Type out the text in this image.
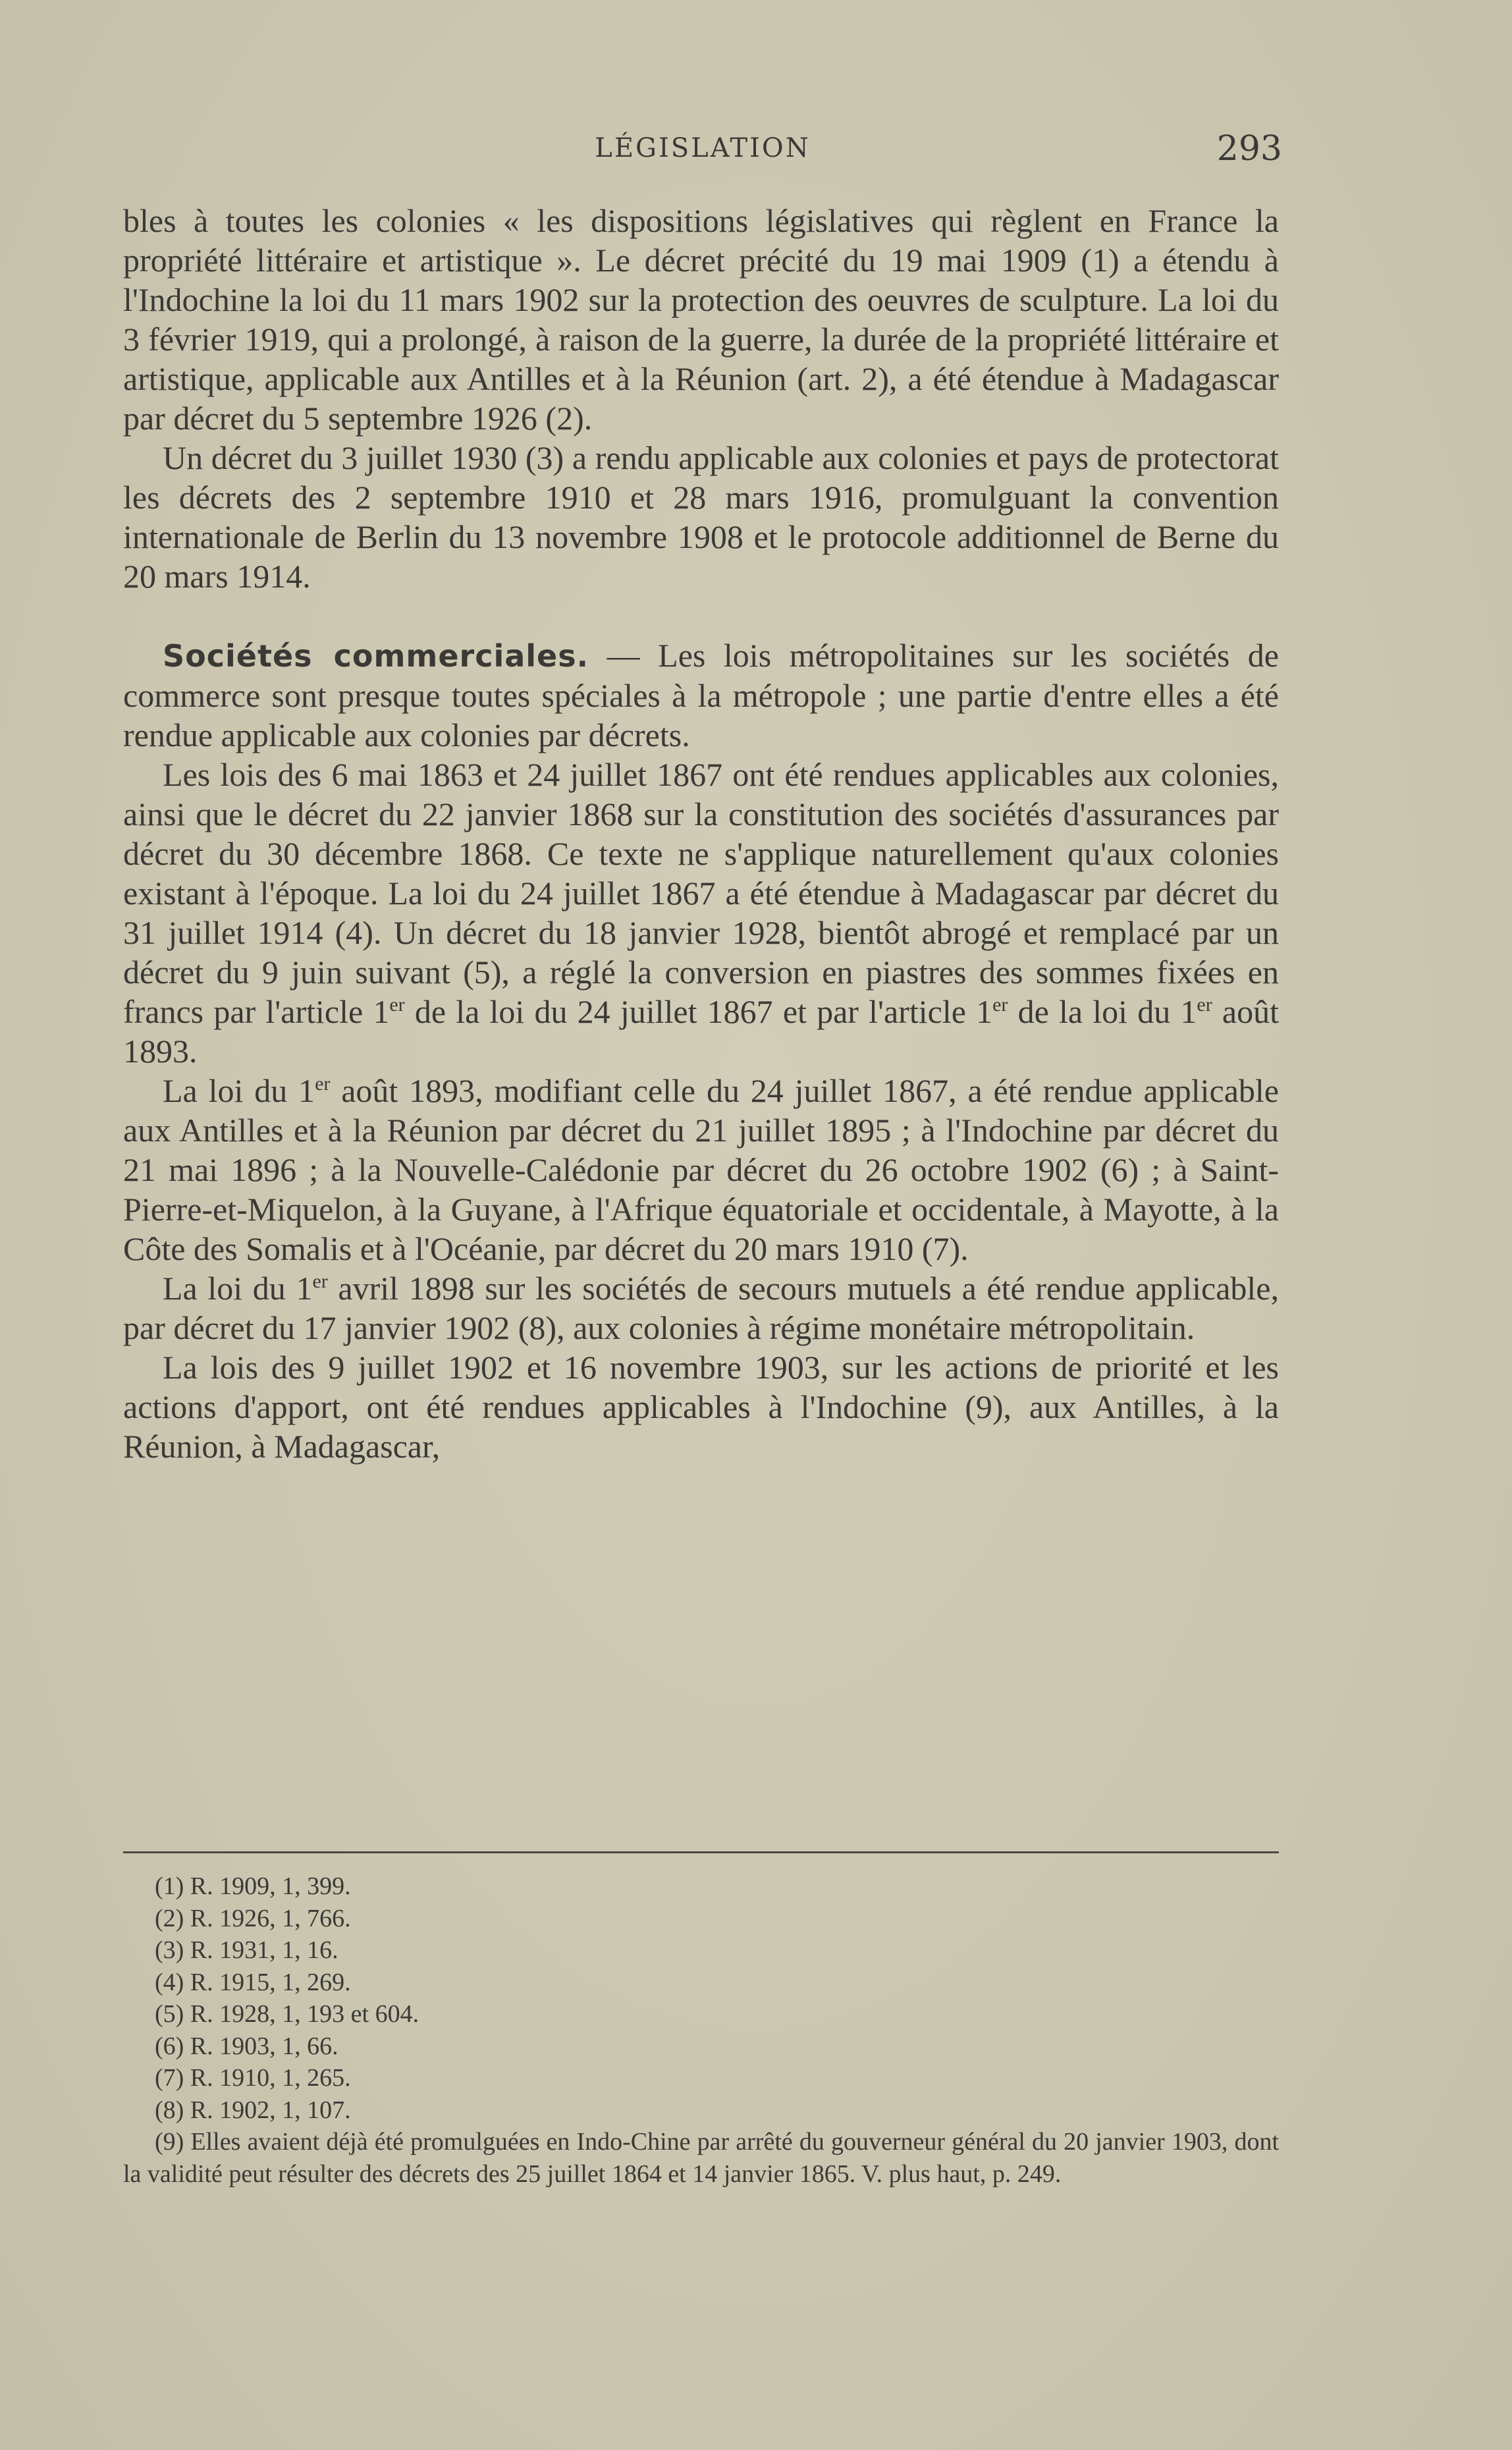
LÉGISLATION	293

bles à toutes les colonies « les dispositions législatives qui règlent en France la propriété littéraire et artistique ». Le décret précité du 19 mai 1909 (1) a étendu à l'Indochine la loi du 11 mars 1902 sur la protection des oeuvres de sculpture. La loi du 3 février 1919, qui a prolongé, à raison de la guerre, la durée de la propriété littéraire et artistique, applicable aux Antilles et à la Réunion (art. 2), a été étendue à Madagascar par décret du 5 septembre 1926 (2).

Un décret du 3 juillet 1930 (3) a rendu applicable aux colonies et pays de protectorat les décrets des 2 septembre 1910 et 28 mars 1916, promulguant la convention internationale de Berlin du 13 novembre 1908 et le protocole additionnel de Berne du 20 mars 1914.

Sociétés commerciales. — Les lois métropolitaines sur les sociétés de commerce sont presque toutes spéciales à la métropole ; une partie d'entre elles a été rendue applicable aux colonies par décrets.

Les lois des 6 mai 1863 et 24 juillet 1867 ont été rendues applicables aux colonies, ainsi que le décret du 22 janvier 1868 sur la constitution des sociétés d'assurances par décret du 30 décembre 1868. Ce texte ne s'applique naturellement qu'aux colonies existant à l'époque. La loi du 24 juillet 1867 a été étendue à Madagascar par décret du 31 juillet 1914 (4). Un décret du 18 janvier 1928, bientôt abrogé et remplacé par un décret du 9 juin suivant (5), a réglé la conversion en piastres des sommes fixées en francs par l'article 1er de la loi du 24 juillet 1867 et par l'article 1er de la loi du 1er août 1893.

La loi du 1er août 1893, modifiant celle du 24 juillet 1867, a été rendue applicable aux Antilles et à la Réunion par décret du 21 juillet 1895 ; à l'Indochine par décret du 21 mai 1896 ; à la Nouvelle-Calédonie par décret du 26 octobre 1902 (6) ; à Saint-Pierre-et-Miquelon, à la Guyane, à l'Afrique équatoriale et occidentale, à Mayotte, à la Côte des Somalis et à l'Océanie, par décret du 20 mars 1910 (7).

La loi du 1er avril 1898 sur les sociétés de secours mutuels a été rendue applicable, par décret du 17 janvier 1902 (8), aux colonies à régime monétaire métropolitain.

La lois des 9 juillet 1902 et 16 novembre 1903, sur les actions de priorité et les actions d'apport, ont été rendues applicables à l'Indochine (9), aux Antilles, à la Réunion, à Madagascar,

(1) R. 1909, 1, 399.
(2) R. 1926, 1, 766.
(3) R. 1931, 1, 16.
(4) R. 1915, 1, 269.
(5) R. 1928, 1, 193 et 604.
(6) R. 1903, 1, 66.
(7) R. 1910, 1, 265.
(8) R. 1902, 1, 107.
(9) Elles avaient déjà été promulguées en Indo-Chine par arrêté du gouverneur général du 20 janvier 1903, dont la validité peut résulter des décrets des 25 juillet 1864 et 14 janvier 1865. V. plus haut, p. 249.
